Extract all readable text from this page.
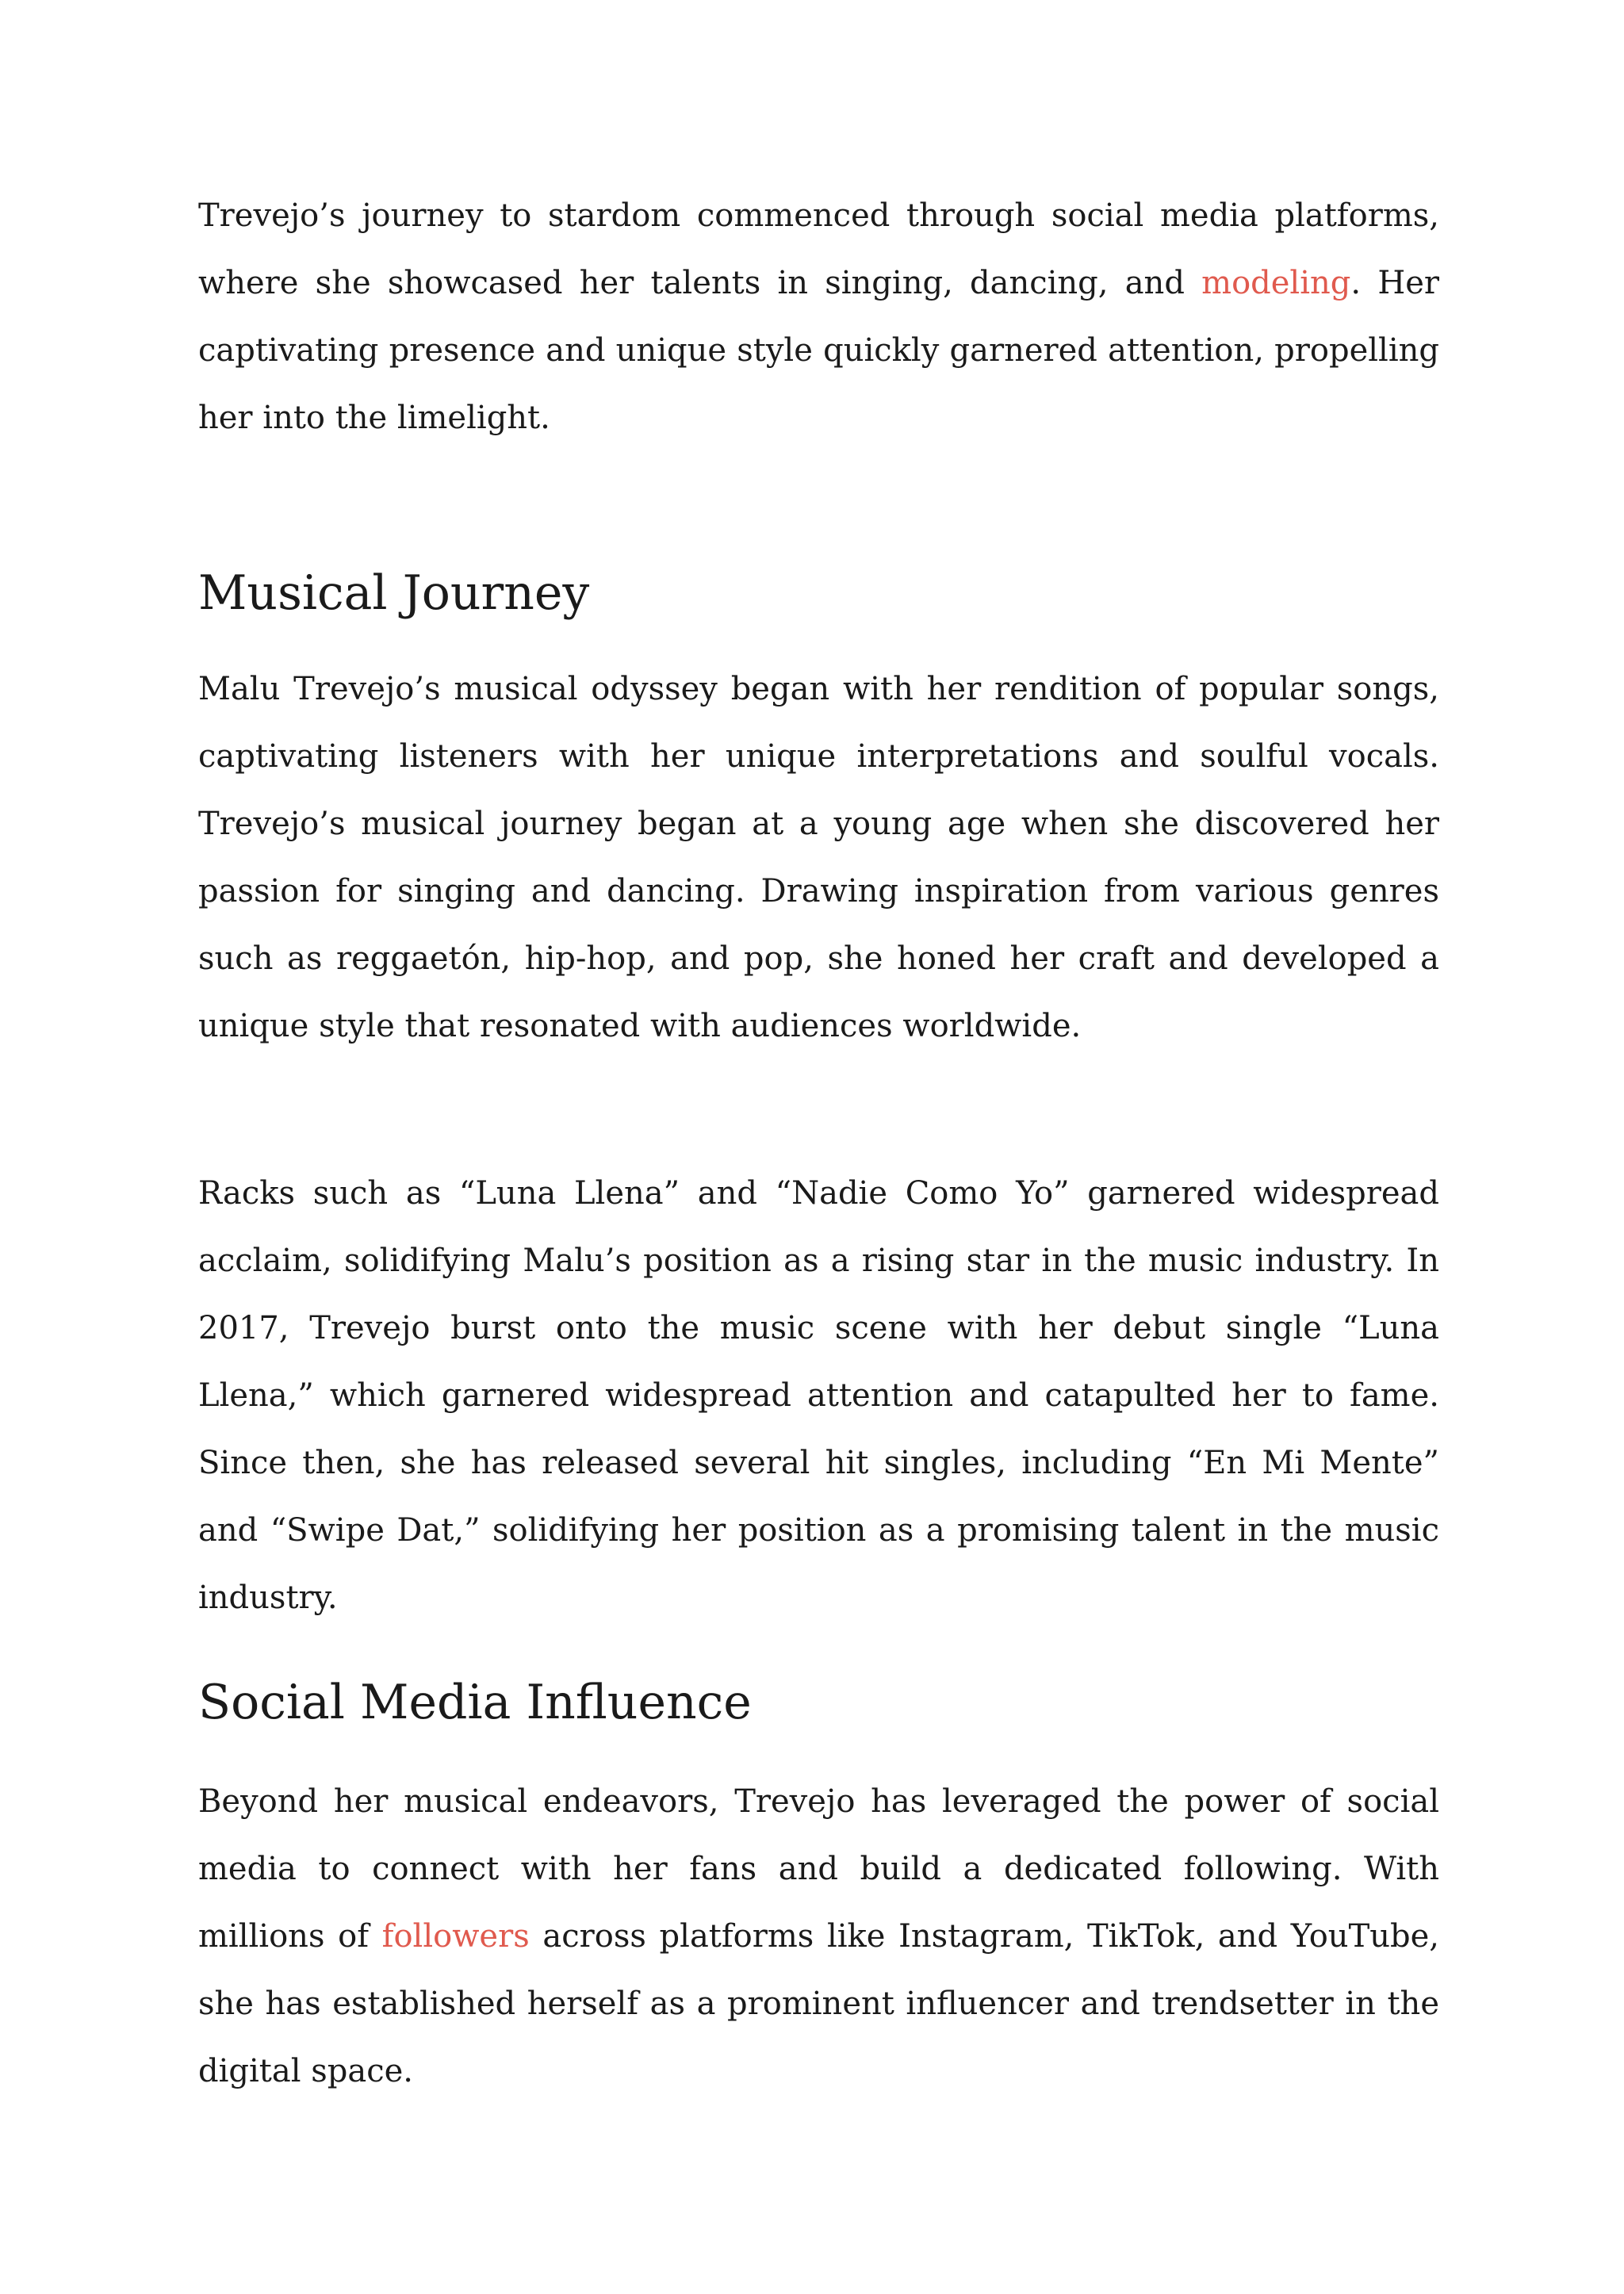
Trevejo’s journey to stardom commenced through social media platforms, where she showcased her talents in singing, dancing, and modeling. Her captivating presence and unique style quickly garnered attention, propelling her into the limelight.

Musical Journey

Malu Trevejo’s musical odyssey began with her rendition of popular songs, captivating listeners with her unique interpretations and soulful vocals. Trevejo’s musical journey began at a young age when she discovered her passion for singing and dancing. Drawing inspiration from various genres such as reggaetón, hip-hop, and pop, she honed her craft and developed a unique style that resonated with audiences worldwide.

Racks such as “Luna Llena” and “Nadie Como Yo” garnered widespread acclaim, solidifying Malu’s position as a rising star in the music industry. In 2017, Trevejo burst onto the music scene with her debut single “Luna Llena,” which garnered widespread attention and catapulted her to fame. Since then, she has released several hit singles, including “En Mi Mente” and “Swipe Dat,” solidifying her position as a promising talent in the music industry.

Social Media Influence

Beyond her musical endeavors, Trevejo has leveraged the power of social media to connect with her fans and build a dedicated following. With millions of followers across platforms like Instagram, TikTok, and YouTube, she has established herself as a prominent influencer and trendsetter in the digital space.
